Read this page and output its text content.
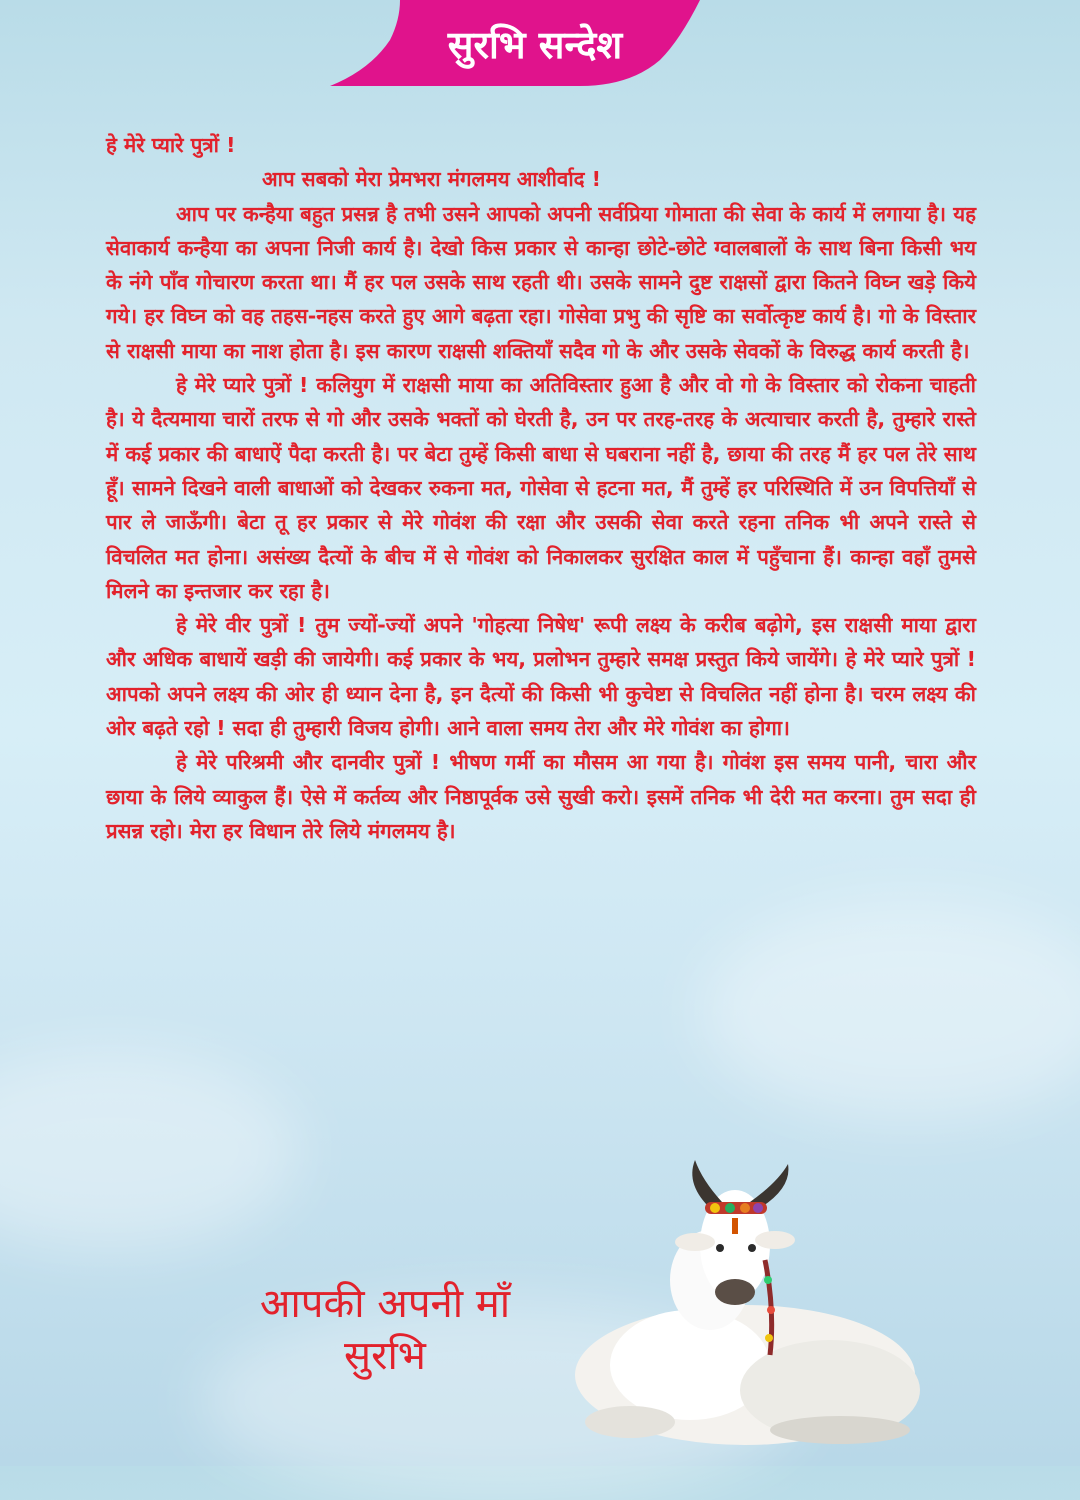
सुरभि सन्देश

हे मेरे प्यारे पुत्रों !

आप सबको मेरा प्रेमभरा मंगलमय आशीर्वाद !

आप पर कन्हैया बहुत प्रसन्न है तभी उसने आपको अपनी सर्वप्रिया गोमाता की सेवा के कार्य में लगाया है। यह सेवाकार्य कन्हैया का अपना निजी कार्य है। देखो किस प्रकार से कान्हा छोटे-छोटे ग्वालबालों के साथ बिना किसी भय के नंगे पाँव गोचारण करता था। मैं हर पल उसके साथ रहती थी। उसके सामने दुष्ट राक्षसों द्वारा कितने विघ्न खड़े किये गये। हर विघ्न को वह तहस-नहस करते हुए आगे बढ़ता रहा। गोसेवा प्रभु की सृष्टि का सर्वोत्कृष्ट कार्य है। गो के विस्तार से राक्षसी माया का नाश होता है। इस कारण राक्षसी शक्तियाँ सदैव गो के और उसके सेवकों के विरुद्ध कार्य करती है।

हे मेरे प्यारे पुत्रों ! कलियुग में राक्षसी माया का अतिविस्तार हुआ है और वो गो के विस्तार को रोकना चाहती है। ये दैत्यमाया चारों तरफ से गो और उसके भक्तों को घेरती है, उन पर तरह-तरह के अत्याचार करती है, तुम्हारे रास्ते में कई प्रकार की बाधाऐं पैदा करती है। पर बेटा तुम्हें किसी बाधा से घबराना नहीं है, छाया की तरह मैं हर पल तेरे साथ हूँ। सामने दिखने वाली बाधाओं को देखकर रुकना मत, गोसेवा से हटना मत, मैं तुम्हें हर परिस्थिति में उन विपत्तियाँ से पार ले जाऊँगी। बेटा तू हर प्रकार से मेरे गोवंश की रक्षा और उसकी सेवा करते रहना तनिक भी अपने रास्ते से विचलित मत होना। असंख्य दैत्यों के बीच में से गोवंश को निकालकर सुरक्षित काल में पहुँचाना हैं। कान्हा वहाँ तुमसे मिलने का इन्तजार कर रहा है।

हे मेरे वीर पुत्रों ! तुम ज्यों-ज्यों अपने 'गोहत्या निषेध' रूपी लक्ष्य के करीब बढ़ोगे, इस राक्षसी माया द्वारा और अधिक बाधायें खड़ी की जायेगी। कई प्रकार के भय, प्रलोभन तुम्हारे समक्ष प्रस्तुत किये जायेंगे। हे मेरे प्यारे पुत्रों ! आपको अपने लक्ष्य की ओर ही ध्यान देना है, इन दैत्यों की किसी भी कुचेष्टा से विचलित नहीं होना है। चरम लक्ष्य की ओर बढ़ते रहो ! सदा ही तुम्हारी विजय होगी। आने वाला समय तेरा और मेरे गोवंश का होगा।

हे मेरे परिश्रमी और दानवीर पुत्रों ! भीषण गर्मी का मौसम आ गया है। गोवंश इस समय पानी, चारा और छाया के लिये व्याकुल हैं। ऐसे में कर्तव्य और निष्ठापूर्वक उसे सुखी करो। इसमें तनिक भी देरी मत करना। तुम सदा ही प्रसन्न रहो। मेरा हर विधान तेरे लिये मंगलमय है।

आपकी अपनी माँ
सुरभि
